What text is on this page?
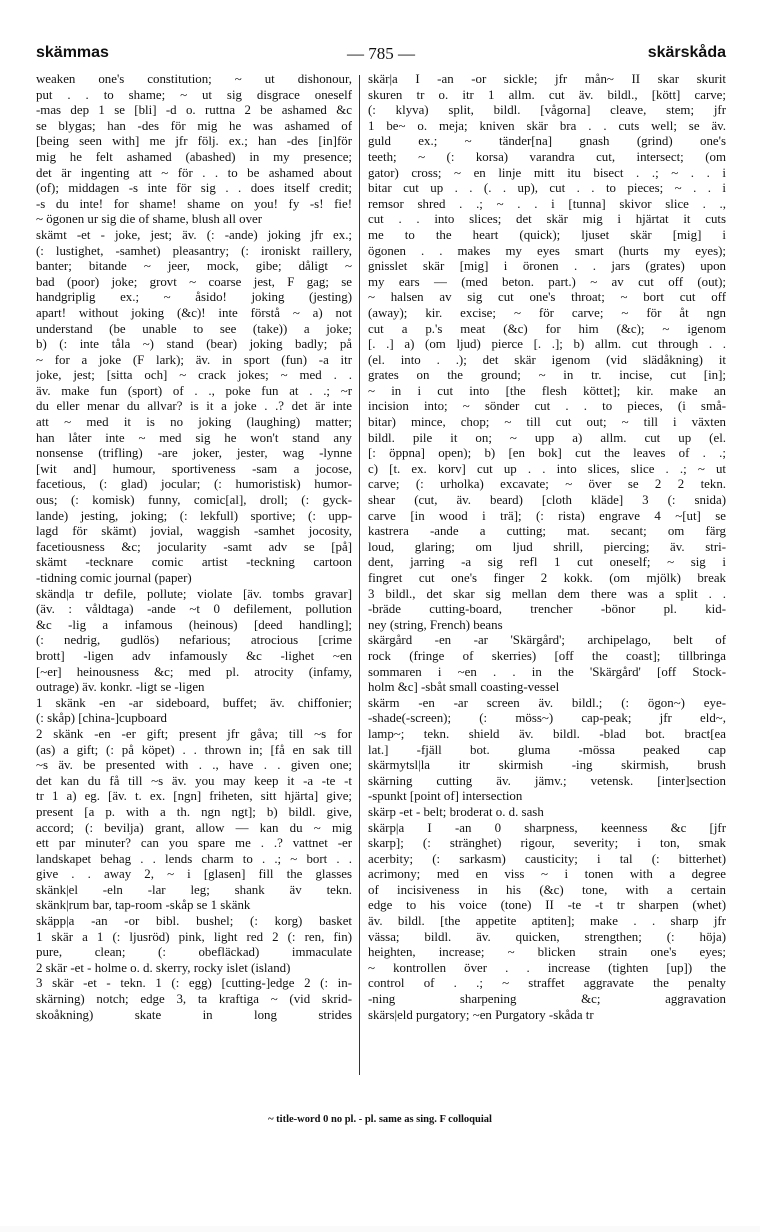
skämmas	— 785 —	skärskåda
weaken one's constitution; ~ ut dishonour,
put . . to shame; ~ ut sig disgrace oneself
-mas dep 1 se [bli] -d o. ruttna 2 be ashamed &c
se blygas; han -des för mig he was ashamed of
[being seen with] me jfr följ. ex.; han -des [in]för
mig he felt ashamed (abashed) in my presence;
det är ingenting att ~ för . . to be ashamed about
(of); middagen -s inte för sig . . does itself credit;
-s du inte! for shame! shame on you! fy -s! fie!
~ ögonen ur sig die of shame, blush all over
skämt -et - joke, jest; äv. (: -ande) joking jfr ex.;
(: lustighet, -samhet) pleasantry; (: ironiskt raillery,
banter; bitande ~ jeer, mock, gibe; dåligt ~
bad (poor) joke; grovt ~ coarse jest, F gag; se
handgriplig ex.; ~ åsido! joking (jesting)
apart! without joking (&c)! inte förstå ~ a) not
understand (be unable to see (take)) a joke;
b) (: inte tåla ~) stand (bear) joking badly; på
~ for a joke (F lark); äv. in sport (fun) -a itr
joke, jest; [sitta och] ~ crack jokes; ~ med . .
äv. make fun (sport) of . ., poke fun at . .; ~r
du eller menar du allvar? is it a joke . .? det är inte
att ~ med it is no joking (laughing) matter;
han låter inte ~ med sig he won't stand any
nonsense (trifling) -are joker, jester, wag -lynne
[wit and] humour, sportiveness -sam a jocose,
facetious, (: glad) jocular; (: humoristisk) humor-
ous; (: komisk) funny, comic[al], droll; (: gyck-
lande) jesting, joking; (: lekfull) sportive; (: upp-
lagd för skämt) jovial, waggish -samhet jocosity,
facetiousness &c; jocularity -samt adv se [på]
skämt -tecknare comic artist -teckning cartoon
-tidning comic journal (paper)
skänd|a tr defile, pollute; violate [äv. tombs gravar]
(äv. : våldtaga) -ande ~t 0 defilement, pollution
&c -lig a infamous (heinous) [deed handling];
(: nedrig, gudlös) nefarious; atrocious [crime
brott] -ligen adv infamously &c -lighet ~en
[~er] heinousness &c; med pl. atrocity (infamy,
outrage) äv. konkr. -ligt se -ligen
1 skänk -en -ar sideboard, buffet; äv. chiffonier;
(: skåp) [china-]cupboard
2 skänk -en -er gift; present jfr gåva; till ~s for
(as) a gift; (: på köpet) . . thrown in; [få en sak till
~s äv. be presented with . ., have . . given one;
det kan du få till ~s äv. you may keep it -a -te -t
tr 1 a) eg. [äv. t. ex. [ngn] friheten, sitt hjärta] give;
present [a p. with a th. ngn ngt]; b) bildl. give,
accord; (: bevilja) grant, allow — kan du ~ mig
ett par minuter? can you spare me . .? vattnet -er
landskapet behag . . lends charm to . .; ~ bort . .
give . . away 2, ~ i [glasen] fill the glasses
skänk|el -eln -lar leg; shank äv tekn.
skänk|rum bar, tap-room -skåp se 1 skänk
skäpp|a -an -or bibl. bushel; (: korg) basket
1 skär a 1 (: ljusröd) pink, light red 2 (: ren, fin)
pure, clean; (: obefläckad) immaculate
2 skär -et - holme o. d. skerry, rocky islet (island)
3 skär -et - tekn. 1 (: egg) [cutting-]edge 2 (: in-
skärning) notch; edge 3, ta kraftiga ~ (vid skrid-
skoåkning) skate in long strides
skär|a I -an -or sickle; jfr mån~ II skar skurit
skuren tr o. itr 1 allm. cut äv. bildl., [kött] carve;
(: klyva) split, bildl. [vågorna] cleave, stem; jfr
1 be~ o. meja; kniven skär bra . . cuts well; se äv.
guld ex.; ~ tänder[na] gnash (grind) one's
teeth; ~ (: korsa) varandra cut, intersect; (om
gator) cross; ~ en linje mitt itu bisect . .; ~ . . i
bitar cut up . . (. . up), cut . . to pieces; ~ . . i
remsor shred . .; ~ . . i [tunna] skivor slice . .,
cut . . into slices; det skär mig i hjärtat it cuts
me to the heart (quick); ljuset skär [mig] i
ögonen . . makes my eyes smart (hurts my eyes);
gnisslet skär [mig] i öronen . . jars (grates) upon
my ears — (med beton. part.) ~ av cut off (out);
~ halsen av sig cut one's throat; ~ bort cut off
(away); kir. excise; ~ för carve; ~ för åt ngn
cut a p.'s meat (&c) for him (&c); ~ igenom
[. .] a) (om ljud) pierce [. .]; b) allm. cut through . .
(el. into . .); det skär igenom (vid slädåkning) it
grates on the ground; ~ in tr. incise, cut [in];
~ in i cut into [the flesh köttet]; kir. make an
incision into; ~ sönder cut . . to pieces, (i små-
bitar) mince, chop; ~ till cut out; ~ till i växten
bildl. pile it on; ~ upp a) allm. cut up (el.
[: öppna] open); b) [en bok] cut the leaves of . .;
c) [t. ex. korv] cut up . . into slices, slice . .; ~ ut
carve; (: urholka) excavate; ~ över se 2 2 tekn.
shear (cut, äv. beard) [cloth kläde] 3 (: snida)
carve [in wood i trä]; (: rista) engrave 4 ~[ut] se
kastrera -ande a cutting; mat. secant; om färg
loud, glaring; om ljud shrill, piercing; äv. stri-
dent, jarring -a sig refl 1 cut oneself; ~ sig i
fingret cut one's finger 2 kokk. (om mjölk) break
3 bildl., det skar sig mellan dem there was a split . .
-bräde cutting-board, trencher -bönor pl. kid-
ney (string, French) beans
skärgård -en -ar 'Skärgård'; archipelago, belt of
rock (fringe of skerries) [off the coast]; tillbringa
sommaren i ~en . . in the 'Skärgård' [off Stock-
holm &c] -sbåt small coasting-vessel
skärm -en -ar screen äv. bildl.; (: ögon~) eye-
-shade(-screen); (: möss~) cap-peak; jfr eld~,
lamp~; tekn. shield äv. bildl. -blad bot. bract[ea
lat.] -fjäll bot. gluma -mössa peaked cap
skärmytsl|la itr skirmish -ing skirmish, brush
skärning cutting äv. jämv.; vetensk. [inter]section
-spunkt [point of] intersection
skärp -et - belt; broderat o. d. sash
skärp|a I -an 0 sharpness, keenness &c [jfr
skarp]; (: stränghet) rigour, severity; i ton, smak
acerbity; (: sarkasm) causticity; i tal (: bitterhet)
acrimony; med en viss ~ i tonen with a degree
of incisiveness in his (&c) tone, with a certain
edge to his voice (tone) II -te -t tr sharpen (whet)
äv. bildl. [the appetite aptiten]; make . . sharp jfr
vässa; bildl. äv. quicken, strengthen; (: höja)
heighten, increase; ~ blicken strain one's eyes;
~ kontrollen över . . increase (tighten [up]) the
control of . .; ~ straffet aggravate the penalty
-ning sharpening &c; aggravation
skärs|eld purgatory; ~en Purgatory -skåda tr
~ title-word 0 no pl. - pl. same as sing. F colloquial
